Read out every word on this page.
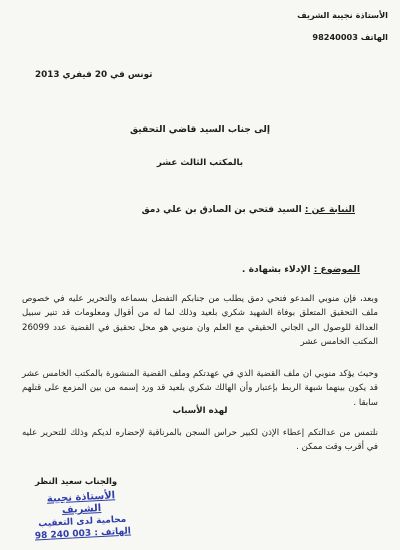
الأستاذة نجيبة الشريف
الهاتف 98240003
تونس في 20 فيفري 2013
إلى جناب السيد قاضي التحقيق
بالمكتب الثالث عشر
النيابة عن : السيد فتحي بن الصادق بن علي دمق
الموضوع : الإدلاء بشهادة .
وبعد، فإن منوبي المدعو فتحي دمق يطلب من جنابكم التفضل بسماعه والتحرير عليه في خصوص ملف التحقيق المتعلق بوفاة الشهيد شكري بلعيد وذلك لما له من أقوال ومعلومات قد تنير سبيل العدالة للوصول الى الجاني الحقيقي مع العلم وان منوبي هو محل تحقيق في القضية عدد 26099 المكتب الخامس عشر
وحيث يؤكد منوبي ان ملف القضية الذي في عهدتكم وملف القضية المنشورة بالمكتب الخامس عشر قد يكون بينهما شبهة الربط بإعتبار وأن الهالك شكري بلعيد قد ورد إسمه من بين المزمع على قتلهم سابقا .
لهذه الأسباب
نلتمس من عدالتكم إعطاء الإذن لكبير حراس السجن بالمرناقية لإحضاره لديكم وذلك للتحرير عليه في أقرب وقت ممكن .
والجناب سعيد النظر
الأستاذة نجيبة الشريف
محامية لدى التعقيب
الهاتف : 003 240 98
